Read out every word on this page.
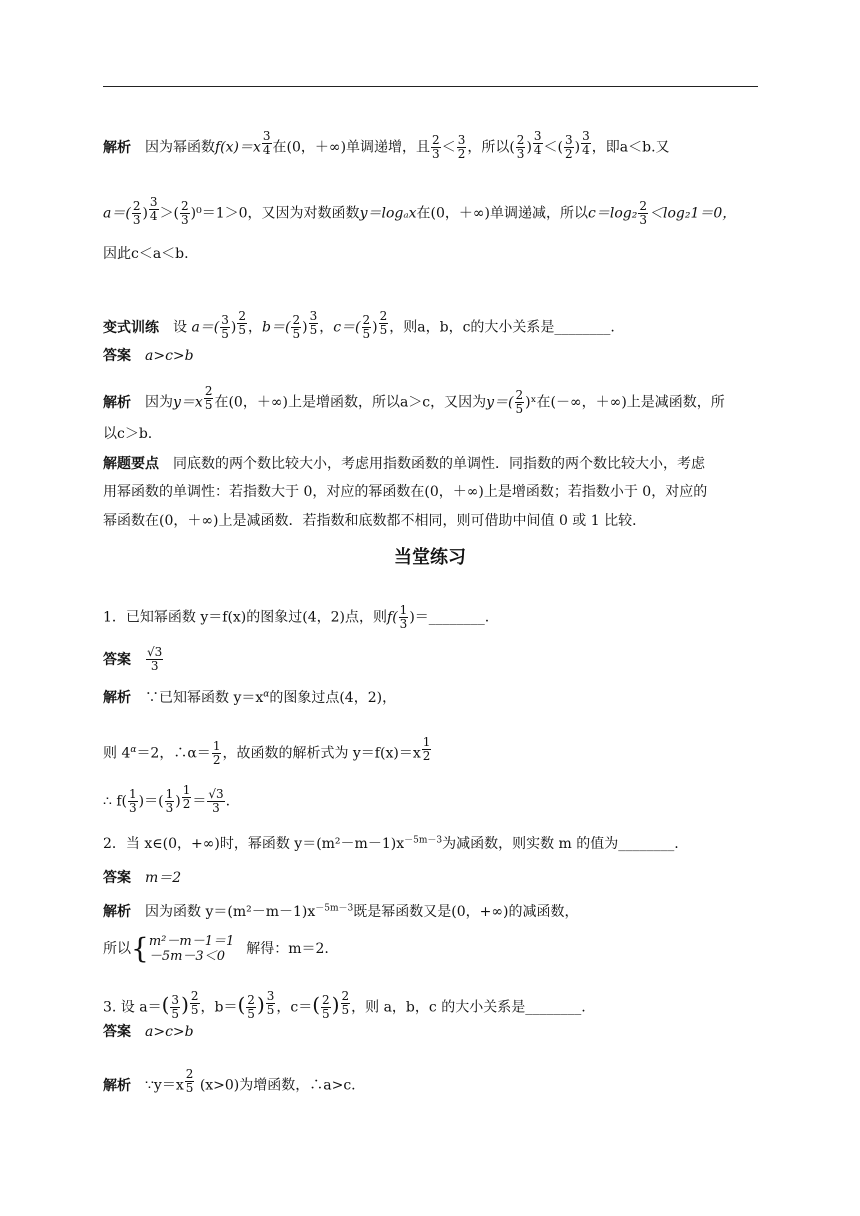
解析 因为幂函数f(x)＝x $^{\frac{3}{4}}$ 在(0，＋∞)单调递增，且 $\frac{2}{3} < \frac{3}{2}$ ，所以( $\frac{2}{3}$ ) $^{\frac{3}{4}}$ ＜( $\frac{3}{2}$ ) $^{\frac{3}{4}}$ ，即a＜b.又
$a=( \frac{2}{3}$ ) $^{\frac{3}{4}}$ ＞( $\frac{2}{3} )^0=1>0$，又因为对数函数y＝logₐx在(0，＋∞)单调递减，所以$c=\log_2 \frac{2}{3} <\log_21=0$，
因此c＜a＜b.
变式训练 设 $a=( \frac{3}{5}$ ) $^{\frac{2}{5}}$ ，$b=( \frac{2}{5}$ ) $^{\frac{3}{5}}$ ，$c=( \frac{2}{5}$ ) $^{\frac{2}{5}}$ ，则a，b，c的大小关系是________.
答案 a>c>b
解析 因为y＝x $^{\frac{2}{5}}$ 在(0，＋∞)上是增函数，所以a＞c，又因为$y=( \frac{2}{5}$ )ˣ在(－∞，＋∞)上是减函数，所
以c＞b.
解题要点 同底数的两个数比较大小，考虑用指数函数的单调性．同指数的两个数比较大小，考虑
用幂函数的单调性：若指数大于 0，对应的幂函数在(0，＋∞)上是增函数；若指数小于 0，对应的
幂函数在(0，＋∞)上是减函数．若指数和底数都不相同，则可借助中间值 0 或 1 比较．
当堂练习
1．已知幂函数 y＝f(x)的图象过(4，2)点，则$f( \frac{1}{3}$ )＝________.
答案 $\frac{√3}{3}$
解析 ∵已知幂函数 $y=x^\alpha$的图象过点(4，2)，
则 $4^\alpha=2$，∴α＝ $\frac{1}{2}$ ，故函数的解析式为 y＝f(x)＝x $^{\frac{1}{2}}$
∴ $f( \frac{1}{3}$ )＝( $\frac{1}{3}$ ) $^{\frac{1}{2}} = \frac{√3}{3}$ .
2．当 x∈(0，+∞)时，幂函数 $y=(m^2-m-1)x^{-5m-3}$为减函数，则实数 m 的值为________.
答案 m＝2
解析 因为函数 $y=(m^2-m-1)x^{-5m-3}$既是幂函数又是(0，+∞)的减函数，
所以{ m²－m－1＝1
－5m－3＜0	解得：m＝2.
3. 设 $a=( \frac{3}{5}$ ) $^{\frac{2}{5}}$ ，$b=( \frac{2}{5}$ ) $^{\frac{3}{5}}$ ，$c=( \frac{2}{5}$ ) $^{\frac{2}{5}}$ ，则 a，b，c 的大小关系是________.
答案 a>c>b
解析 ∵y＝x $^{\frac{2}{5}}$ (x>0)为增函数，∴a>c.
